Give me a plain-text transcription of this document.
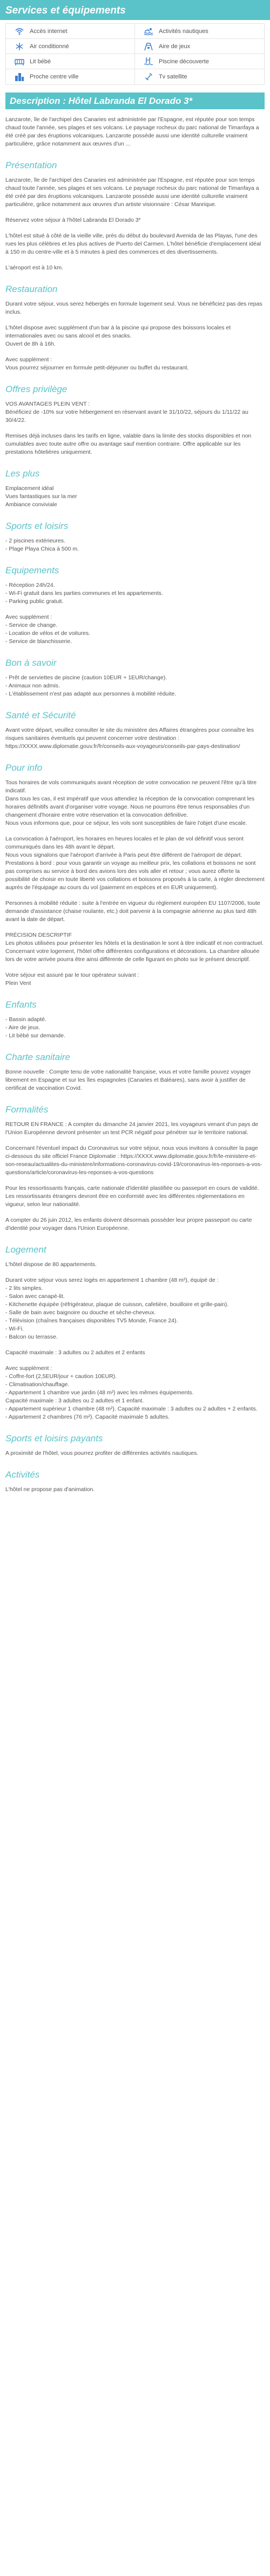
Services et équipements
Accès internet	Activités nautiques
Air conditionné	Aire de jeux
Lit bébé	Piscine découverte
Proche centre ville	Tv satellite
Description : Hôtel Labranda El Dorado 3*

Lanzarote, île de l'archipel des Canaries est administrée par l'Espagne, est réputée pour son temps chaud toute l'année, ses plages et ses volcans. Le paysage rocheux du parc national de Timanfaya a été créé par des éruptions volcaniques. Lanzarote possède aussi une identité culturelle vraiment particulière, grâce notamment aux œuvres d'un ...

Présentation

Lanzarote, île de l'archipel des Canaries est administrée par l'Espagne, est réputée pour son temps chaud toute l'année, ses plages et ses volcans. Le paysage rocheux du parc national de Timanfaya a été créé par des éruptions volcaniques. Lanzarote possède aussi une identité culturelle vraiment particulière, grâce notamment aux œuvres d'un artiste visionnaire : César Manrique.

Réservez votre séjour à l'hôtel Labranda El Dorado 3*

L'hôtel est situé à côté de la vieille ville, près du début du boulevard Avenida de las Playas, l'une des rues les plus célèbres et les plus actives de Puerto del Carmen. L'hôtel bénéficie d'emplacement idéal à 150 m du centre-ville et à 5 minutes à pied des commerces et des divertissements.

L'aéroport est à 10 km.

Restauration

Durant votre séjour, vous serez hébergés en formule logement seul. Vous ne bénéficiez pas des repas inclus.

L'hôtel dispose avec supplément d'un bar à la piscine qui propose des boissons locales et internationales avec ou sans alcool et des snacks.
Ouvert de 8h à 16h.

Avec supplément :
Vous pourrez séjourner en formule petit-déjeuner ou buffet du restaurant.

Offres privilège

VOS AVANTAGES PLEIN VENT :
Bénéficiez de -10% sur votre hébergement en réservant avant le 31/10/22, séjours du 1/11/22 au 30/4/22.

Remises déjà incluses dans les tarifs en ligne, valable dans la limite des stocks disponibles et non cumulables avec toute autre offre ou avantage sauf mention contraire. Offre applicable sur les prestations hôtelières uniquement.

Les plus

Emplacement idéal
Vues fantastiques sur la mer
Ambiance conviviale

Sports et loisirs

- 2 piscines extérieures.
- Plage Playa Chica à 500 m.

Equipements

- Réception 24h/24.
- Wi-Fi gratuit dans les parties communes et les appartements.
- Parking public gratuit.

Avec supplément :
- Service de change.
- Location de vélos et de voitures.
- Service de blanchisserie.

Bon à savoir

- Prêt de serviettes de piscine (caution 10EUR + 1EUR/change).
- Animaux non admis.
- L'établissement n'est pas adapté aux personnes à mobilité réduite.

Santé et Sécurité

Avant votre départ, veuillez consulter le site du ministère des Affaires étrangères pour connaître les risques sanitaires éventuels qui peuvent concerner votre destination : https://XXXX.www.diplomatie.gouv.fr/fr/conseils-aux-voyageurs/conseils-par-pays-destination/

Pour info

Tous horaires de vols communiqués avant réception de votre convocation ne peuvent l'être qu'à titre indicatif.
Dans tous les cas, il est impératif que vous attendiez la réception de la convocation comprenant les horaires définitifs avant d'organiser votre voyage. Nous ne pourrons être tenus responsables d'un changement d'horaire entre votre réservation et la convocation définitive.
Nous vous informons que, pour ce séjour, les vols sont susceptibles de faire l'objet d'une escale.

La convocation à l'aéroport, les horaires en heures locales et le plan de vol définitif vous seront communiqués dans les 48h avant le départ.
Nous vous signalons que l'aéroport d'arrivée à Paris peut être différent de l'aéroport de départ.
Prestations à bord : pour vous garantir un voyage au meilleur prix, les collations et boissons ne sont pas comprises au service à bord des avions lors des vols aller et retour ; vous aurez offerte la possibilité de choisir en toute liberté vos collations et boissons proposés à la carte, à régler directement auprès de l'équipage au cours du vol (paiement en espèces et en EUR uniquement).

Personnes à mobilité réduite : suite à l'entrée en vigueur du règlement européen EU 1107/2006, toute demande d'assistance (chaise roulante, etc.) doit parvenir à la compagnie aérienne au plus tard 48h avant la date de départ.

PRÉCISION DESCRIPTIF
Les photos utilisées pour présenter les hôtels et la destination le sont à titre indicatif et non contractuel. Concernant votre logement, l'hôtel offre différentes configurations et décorations. La chambre allouée lors de votre arrivée pourra être ainsi différente de celle figurant en photo sur le présent descriptif.

Votre séjour est assuré par le tour opérateur suivant :
Plein Vent

Enfants

- Bassin adapté.
- Aire de jeux.
- Lit bébé sur demande.

Charte sanitaire

Bonne nouvelle : Compte tenu de votre nationalité française, vous et votre famille pouvez voyager librement en Espagne et sur les îles espagnoles (Canaries et Baléares), sans avoir à justifier de certificat de vaccination Covid.

Formalités

RETOUR EN FRANCE : A compter du dimanche 24 janvier 2021, les voyageurs venant d'un pays de l'Union Européenne devront présenter un test PCR négatif pour pénétrer sur le territoire national.

Concernant l'éventuel impact du Coronavirus sur votre séjour, nous vous invitons à consulter la page ci-dessous du site officiel France Diplomatie : https://XXXX.www.diplomatie.gouv.fr/fr/le-ministere-et-son-reseau/actualites-du-ministere/informations-coronavirus-covid-19/coronavirus-les-reponses-a-vos-questions/article/coronavirus-les-reponses-a-vos-questions

Pour les ressortissants français, carte nationale d'identité plastifiée ou passeport en cours de validité. Les ressortissants étrangers devront être en conformité avec les différentes réglementations en vigueur, selon leur nationalité.

A compter du 26 juin 2012, les enfants doivent désormais posséder leur propre passeport ou carte d'identité pour voyager dans l'Union Européenne.

Logement

L'hôtel dispose de 80 appartements.

Durant votre séjour vous serez logés en appartement 1 chambre (48 m²), équipé de :
- 2 lits simples.
- Salon avec canapé-lit.
- Kitchenette équipée (réfrigérateur, plaque de cuisson, cafetière, bouilloire et grille-pain).
- Salle de bain avec baignoire ou douche et sèche-cheveux.
- Télévision (chaînes françaises disponibles TV5 Monde, France 24).
- Wi-Fi.
- Balcon ou terrasse.

Capacité maximale : 3 adultes ou 2 adultes et 2 enfants

Avec supplément :
- Coffre-fort (2,5EUR/jour + caution 10EUR).
- Climatisation/chauffage.
- Appartement 1 chambre vue jardin (48 m²) avec les mêmes équipements.
Capacité maximale : 3 adultes ou 2 adultes et 1 enfant.
- Appartement supérieur 1 chambre (48 m²). Capacité maximale : 3 adultes ou 2 adultes + 2 enfants.
- Appartement 2 chambres (76 m²). Capacité maximale 5 adultes.

Sports et loisirs payants

A proximité de l'hôtel, vous pourrez profiter de différentes activités nautiques.

Activités

L'hôtel ne propose pas d'animation.
